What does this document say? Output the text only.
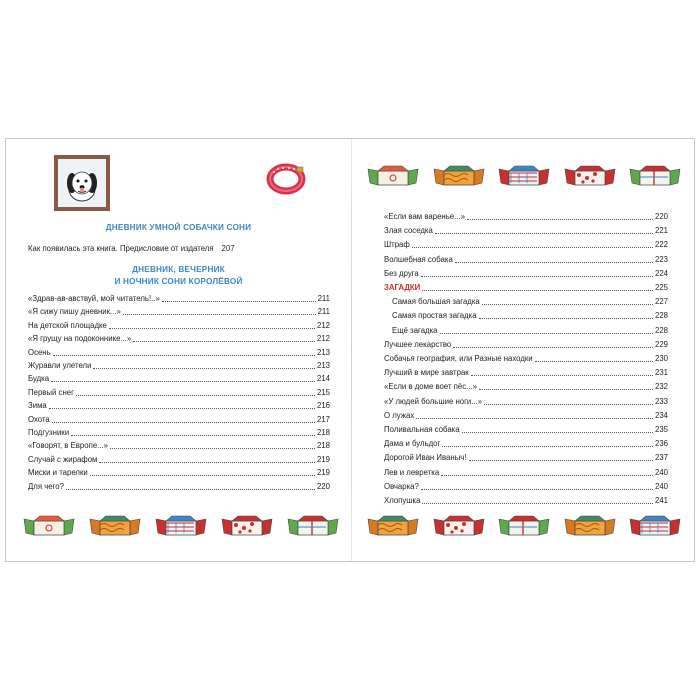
ДНЕВНИК УМНОЙ СОБАЧКИ СОНИ
Как появилась эта книга. Предисловие от издателя 207
ДНЕВНИК, ВЕЧЕРНИК
И НОЧНИК СОНИ КОРОЛЁВОЙ
«Здрав-ав-авствуй, мой читатель!..»	211
«Я сижу пишу дневник...»	211
На детской площадке	212
«Я грущу на подоконнике...»	212
Осень	213
Журавли улетели	213
Будка	214
Первый снег	215
Зима	216
Охота	217
Подгузники	218
«Говорят, в Европе...»	218
Случай с жирафом	219
Миски и тарелки	219
Для чего?	220
«Если вам варенье...»	220
Злая соседка	221
Штраф	222
Волшебная собака	223
Без друга	224
ЗАГАДКИ	225
Самая большая загадка	227
Самая простая загадка	228
Ещё загадка	228
Лучшее лекарство	229
Собачья география, или Разные находки	230
Лучший в мире завтрак	231
«Если в доме воет пёс...»	232
«У людей большие ноги...»	233
О лужах	234
Поливальная собака	235
Дама и бульдог	236
Дорогой Иван Иваныч!	237
Лев и левретка	240
Овчарка?	240
Хлопушка	241
